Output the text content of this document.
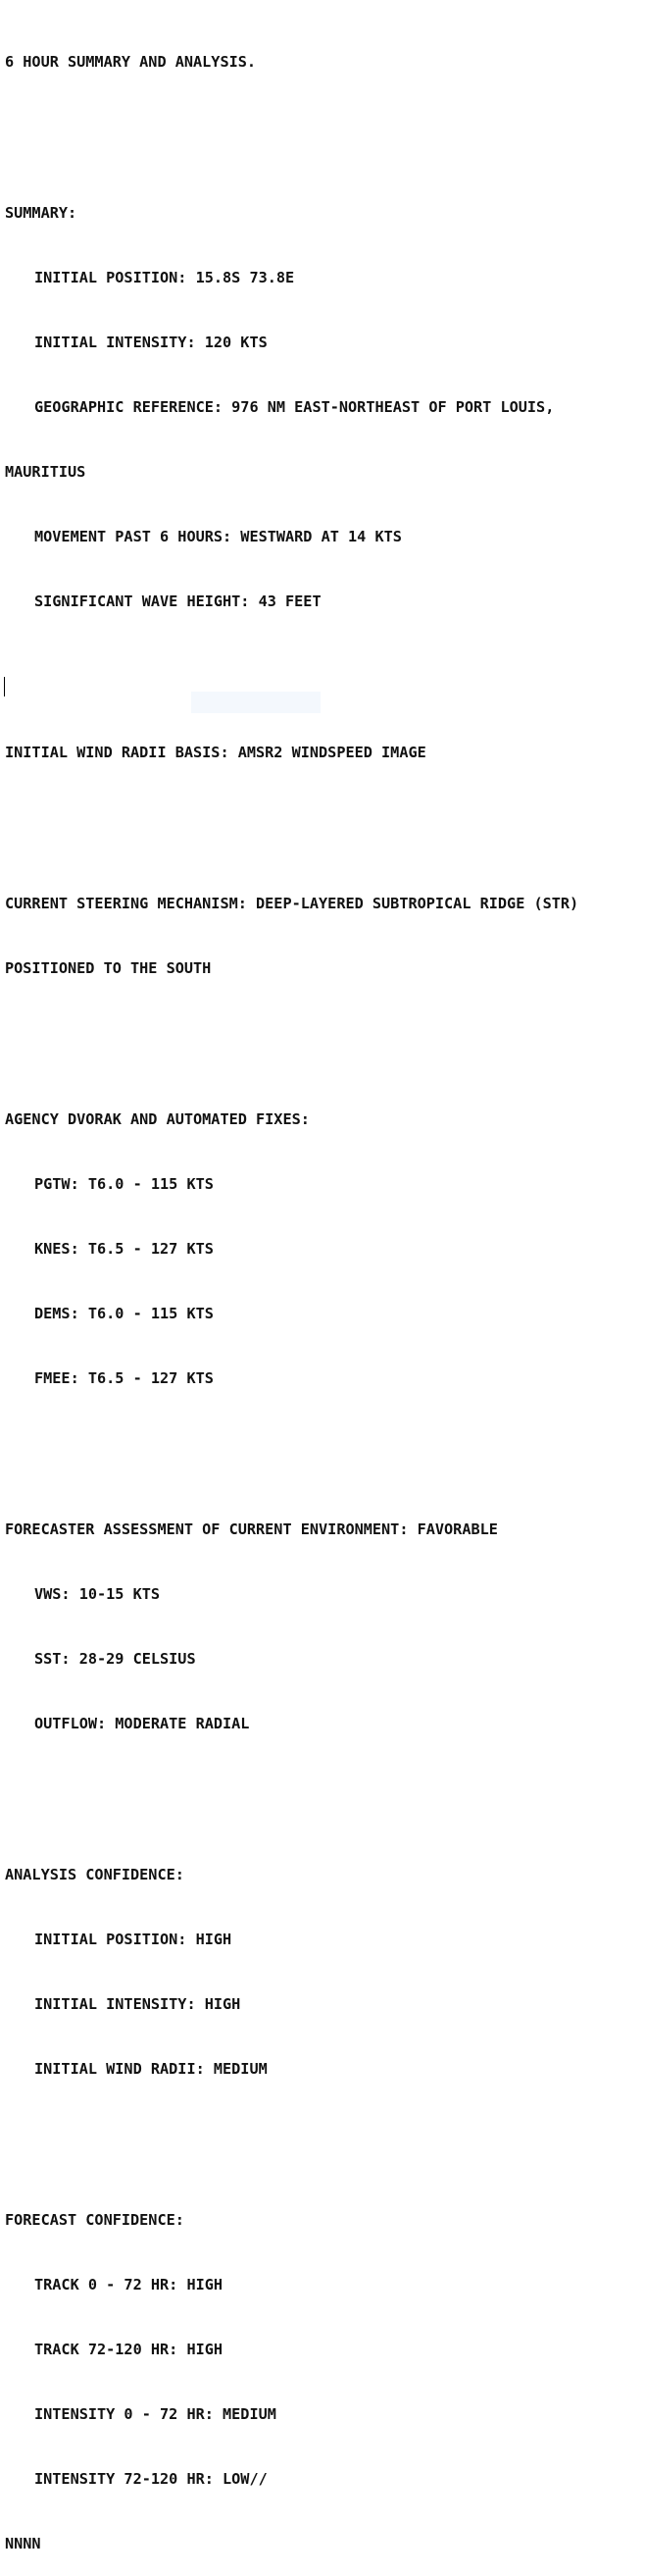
6 HOUR SUMMARY AND ANALYSIS.

SUMMARY:

INITIAL POSITION: 15.8S 73.8E

INITIAL INTENSITY: 120 KTS

GEOGRAPHIC REFERENCE: 976 NM EAST-NORTHEAST OF PORT LOUIS,

MAURITIUS

MOVEMENT PAST 6 HOURS: WESTWARD AT 14 KTS

SIGNIFICANT WAVE HEIGHT: 43 FEET

INITIAL WIND RADII BASIS: AMSR2 WINDSPEED IMAGE

CURRENT STEERING MECHANISM: DEEP-LAYERED SUBTROPICAL RIDGE (STR)

POSITIONED TO THE SOUTH

AGENCY DVORAK AND AUTOMATED FIXES:

PGTW: T6.0 - 115 KTS

KNES: T6.5 - 127 KTS

DEMS: T6.0 - 115 KTS

FMEE: T6.5 - 127 KTS

FORECASTER ASSESSMENT OF CURRENT ENVIRONMENT: FAVORABLE

VWS: 10-15 KTS

SST: 28-29 CELSIUS

OUTFLOW: MODERATE RADIAL

ANALYSIS CONFIDENCE:

INITIAL POSITION: HIGH

INITIAL INTENSITY: HIGH

INITIAL WIND RADII: MEDIUM

FORECAST CONFIDENCE:

TRACK 0 - 72 HR: HIGH

TRACK 72-120 HR: HIGH

INTENSITY 0 - 72 HR: MEDIUM

INTENSITY 72-120 HR: LOW//

NNNN
